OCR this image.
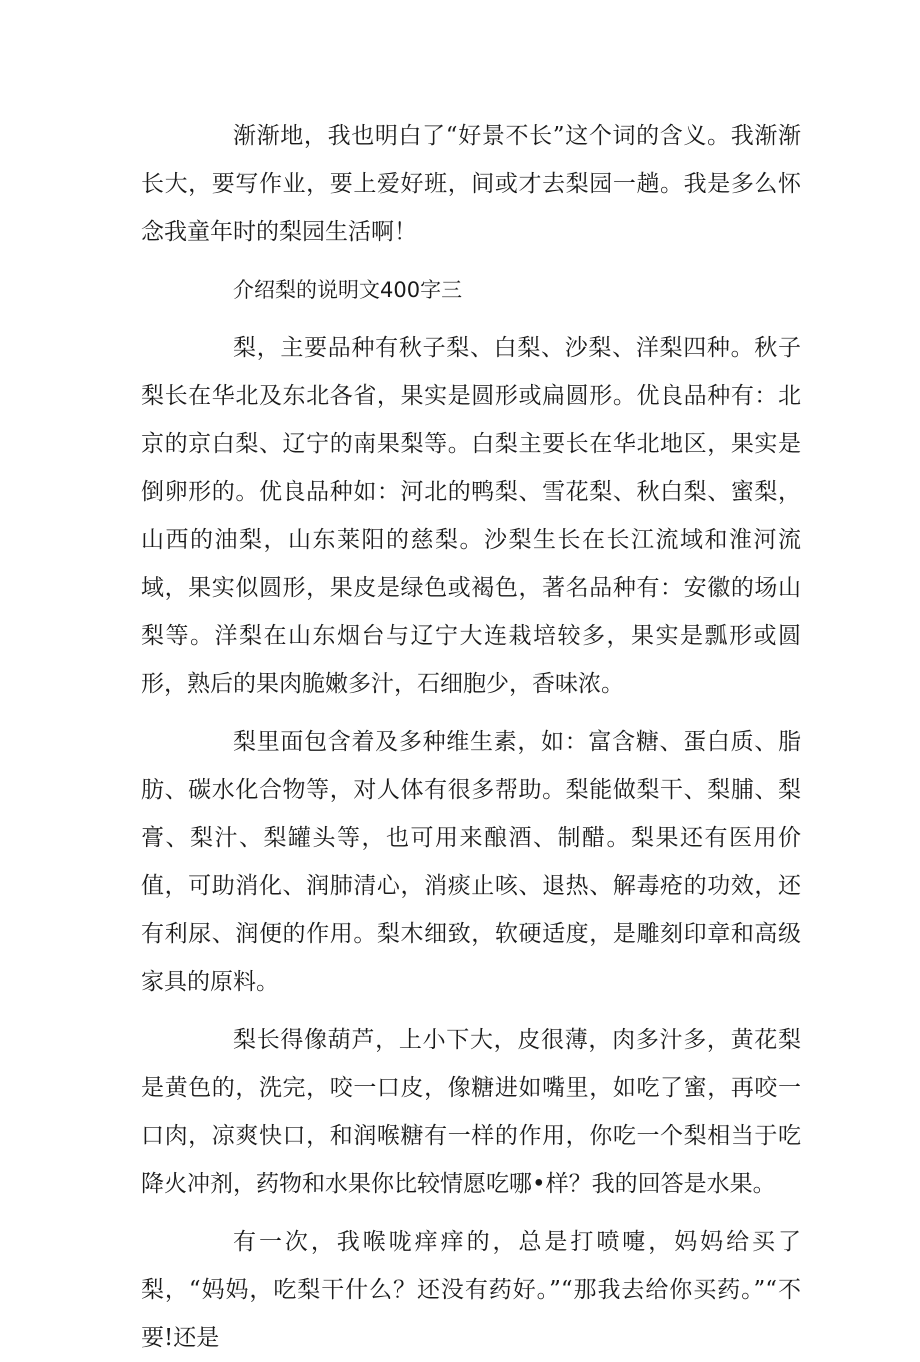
渐渐地，我也明白了“好景不长”这个词的含义。我渐渐长大，要写作业，要上爱好班，间或才去梨园一趟。我是多么怀念我童年时的梨园生活啊！

介绍梨的说明文400字三

梨，主要品种有秋子梨、白梨、沙梨、洋梨四种。秋子梨长在华北及东北各省，果实是圆形或扁圆形。优良品种有：北京的京白梨、辽宁的南果梨等。白梨主要长在华北地区，果实是倒卵形的。优良品种如：河北的鸭梨、雪花梨、秋白梨、蜜梨，山西的油梨，山东莱阳的慈梨。沙梨生长在长江流域和淮河流域，果实似圆形，果皮是绿色或褐色，著名品种有：安徽的场山梨等。洋梨在山东烟台与辽宁大连栽培较多，果实是瓢形或圆形，熟后的果肉脆嫩多汁，石细胞少，香味浓。

梨里面包含着及多种维生素，如：富含糖、蛋白质、脂肪、碳水化合物等，对人体有很多帮助。梨能做梨干、梨脯、梨膏、梨汁、梨罐头等，也可用来酿酒、制醋。梨果还有医用价值，可助消化、润肺清心，消痰止咳、退热、解毒疮的功效，还有利尿、润便的作用。梨木细致，软硬适度，是雕刻印章和高级家具的原料。

梨长得像葫芦，上小下大，皮很薄，肉多汁多，黄花梨是黄色的，洗完，咬一口皮，像糖进如嘴里，如吃了蜜，再咬一口肉，凉爽快口，和润喉糖有一样的作用，你吃一个梨相当于吃降火冲剂，药物和水果你比较情愿吃哪•样？我的回答是水果。

有一次，我喉咙痒痒的，总是打喷嚏，妈妈给买了梨，“妈妈，吃梨干什么？还没有药好。”“那我去给你买药。”“不要!还是
